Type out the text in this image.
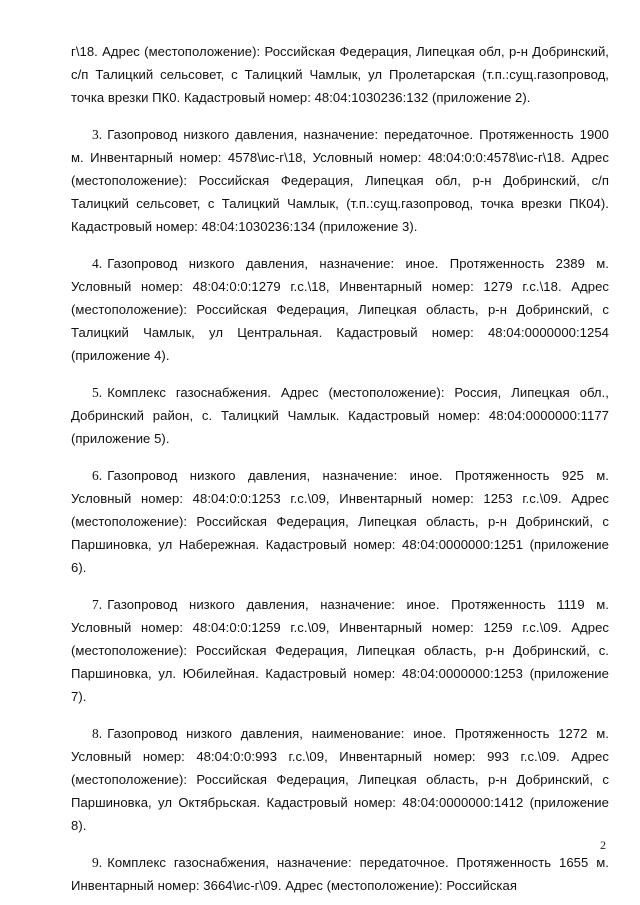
г\18. Адрес (местоположение): Российская Федерация, Липецкая обл, р-н Добринский, с/п Талицкий сельсовет, с Талицкий Чамлык, ул Пролетарская (т.п.:сущ.газопровод, точка врезки ПК0. Кадастровый номер: 48:04:1030236:132 (приложение 2).

3. Газопровод низкого давления, назначение: передаточное. Протяженность 1900 м. Инвентарный номер: 4578\ис-г\18, Условный номер: 48:04:0:0:4578\ис-г\18. Адрес (местоположение): Российская Федерация, Липецкая обл, р-н Добринский, с/п Талицкий сельсовет, с Талицкий Чамлык, (т.п.:сущ.газопровод, точка врезки ПК04). Кадастровый номер: 48:04:1030236:134 (приложение 3).

4. Газопровод низкого давления, назначение: иное. Протяженность 2389 м. Условный номер: 48:04:0:0:1279 г.с.\18, Инвентарный номер: 1279 г.с.\18. Адрес (местоположение): Российская Федерация, Липецкая область, р-н Добринский, с Талицкий Чамлык, ул Центральная. Кадастровый номер: 48:04:0000000:1254 (приложение 4).

5. Комплекс газоснабжения. Адрес (местоположение): Россия, Липецкая обл., Добринский район, с. Талицкий Чамлык. Кадастровый номер: 48:04:0000000:1177 (приложение 5).

6. Газопровод низкого давления, назначение: иное. Протяженность 925 м. Условный номер: 48:04:0:0:1253 г.с.\09, Инвентарный номер: 1253 г.с.\09. Адрес (местоположение): Российская Федерация, Липецкая область, р-н Добринский, с Паршиновка, ул Набережная. Кадастровый номер: 48:04:0000000:1251 (приложение 6).

7. Газопровод низкого давления, назначение: иное. Протяженность 1119 м. Условный номер: 48:04:0:0:1259 г.с.\09, Инвентарный номер: 1259 г.с.\09. Адрес (местоположение): Российская Федерация, Липецкая область, р-н Добринский, с. Паршиновка, ул. Юбилейная. Кадастровый номер: 48:04:0000000:1253 (приложение 7).

8. Газопровод низкого давления, наименование: иное. Протяженность 1272 м. Условный номер: 48:04:0:0:993 г.с.\09, Инвентарный номер: 993 г.с.\09. Адрес (местоположение): Российская Федерация, Липецкая область, р-н Добринский, с Паршиновка, ул Октябрьская. Кадастровый номер: 48:04:0000000:1412 (приложение 8).

9. Комплекс газоснабжения, назначение: передаточное. Протяженность 1655 м. Инвентарный номер: 3664\ис-г\09. Адрес (местоположение): Российская

2
